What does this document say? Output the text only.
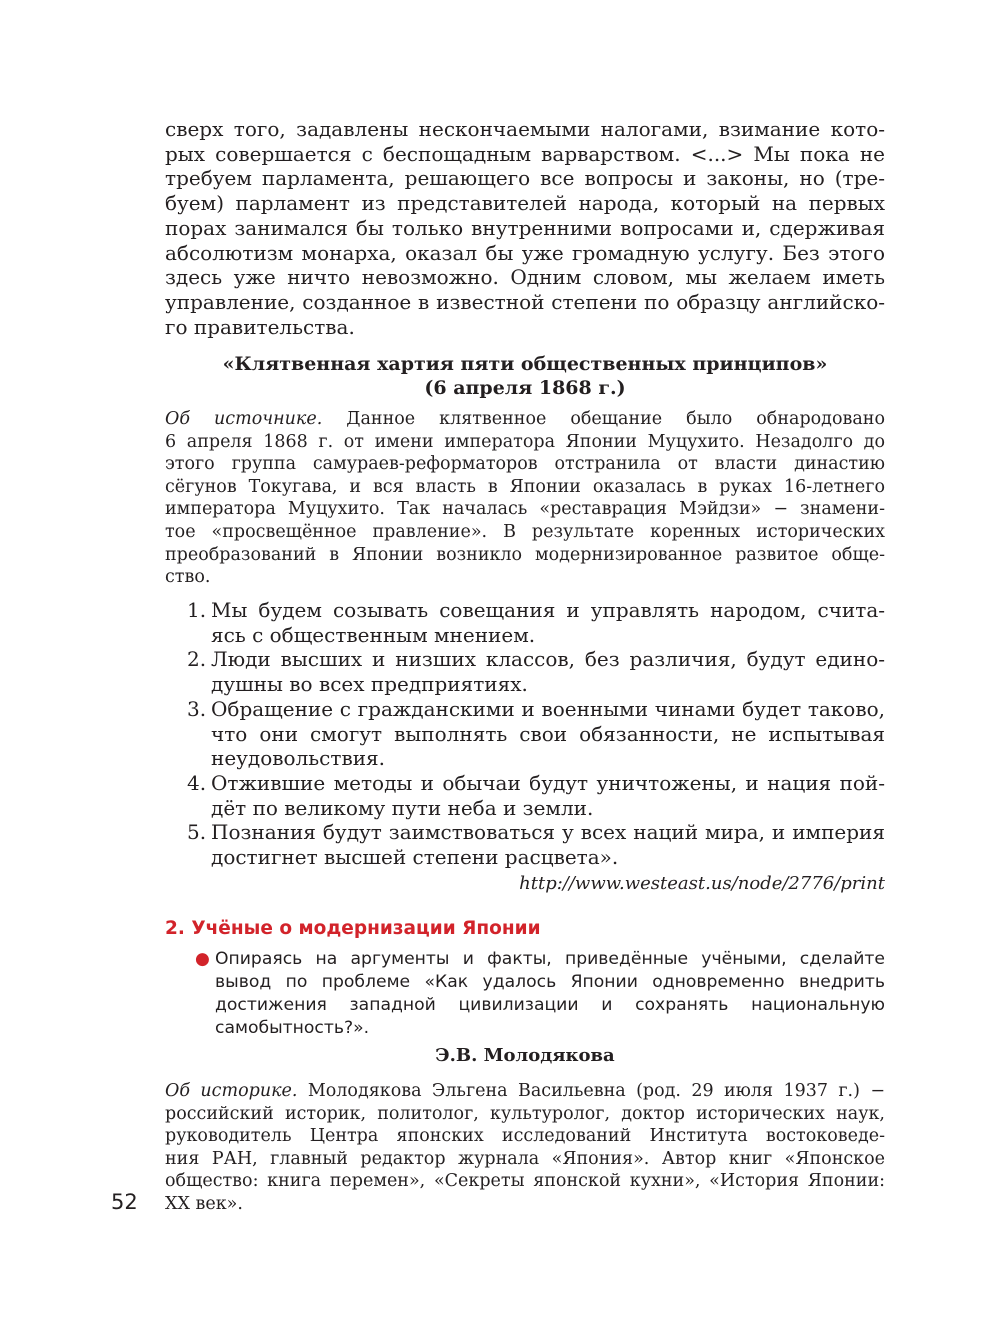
сверх того, задавлены нескончаемыми налогами, взимание кото-
рых совершается с беспощадным варварством. <...> Мы пока не
требуем парламента, решающего все вопросы и законы, но (тре-
буем) парламент из представителей народа, который на первых
порах занимался бы только внутренними вопросами и, сдерживая
абсолютизм монарха, оказал бы уже громадную услугу. Без этого
здесь уже ничто невозможно. Одним словом, мы желаем иметь
управление, созданное в известной степени по образцу английско-
го правительства.

«Клятвенная хартия пяти общественных принципов»
(6 апреля 1868 г.)

Об источнике. Данное клятвенное обещание было обнародовано
6 апреля 1868 г. от имени императора Японии Муцухито. Незадолго до
этого группа самураев-реформаторов отстранила от власти династию
сёгунов Токугава, и вся власть в Японии оказалась в руках 16-летнего
императора Муцухито. Так началась «реставрация Мэйдзи» − знамени-
тое «просвещённое правление». В результате коренных исторических
преобразований в Японии возникло модернизированное развитое обще-
ство.

1. Мы будем созывать совещания и управлять народом, счита-
ясь с общественным мнением.
2. Люди высших и низших классов, без различия, будут едино-
душны во всех предприятиях.
3. Обращение с гражданскими и военными чинами будет таково,
что они смогут выполнять свои обязанности, не испытывая
неудовольствия.
4. Отжившие методы и обычаи будут уничтожены, и нация пой-
дёт по великому пути неба и земли.
5. Познания будут заимствоваться у всех наций мира, и империя
достигнет высшей степени расцвета».
http://www.westeast.us/node/2776/print
2. Учёные о модернизации Японии
● Опираясь на аргументы и факты, приведённые учёными, сделайте
вывод по проблеме «Как удалось Японии одновременно внедрить
достижения западной цивилизации и сохранять национальную
самобытность?».
Э.В. Молодякова

Об историке. Молодякова Эльгена Васильевна (род. 29 июля 1937 г.) −
российский историк, политолог, культуролог, доктор исторических наук,
руководитель Центра японских исследований Института востоковеде-
ния РАН, главный редактор журнала «Япония». Автор книг «Японское
общество: книга перемен», «Секреты японской кухни», «История Японии:
XX век».

52
